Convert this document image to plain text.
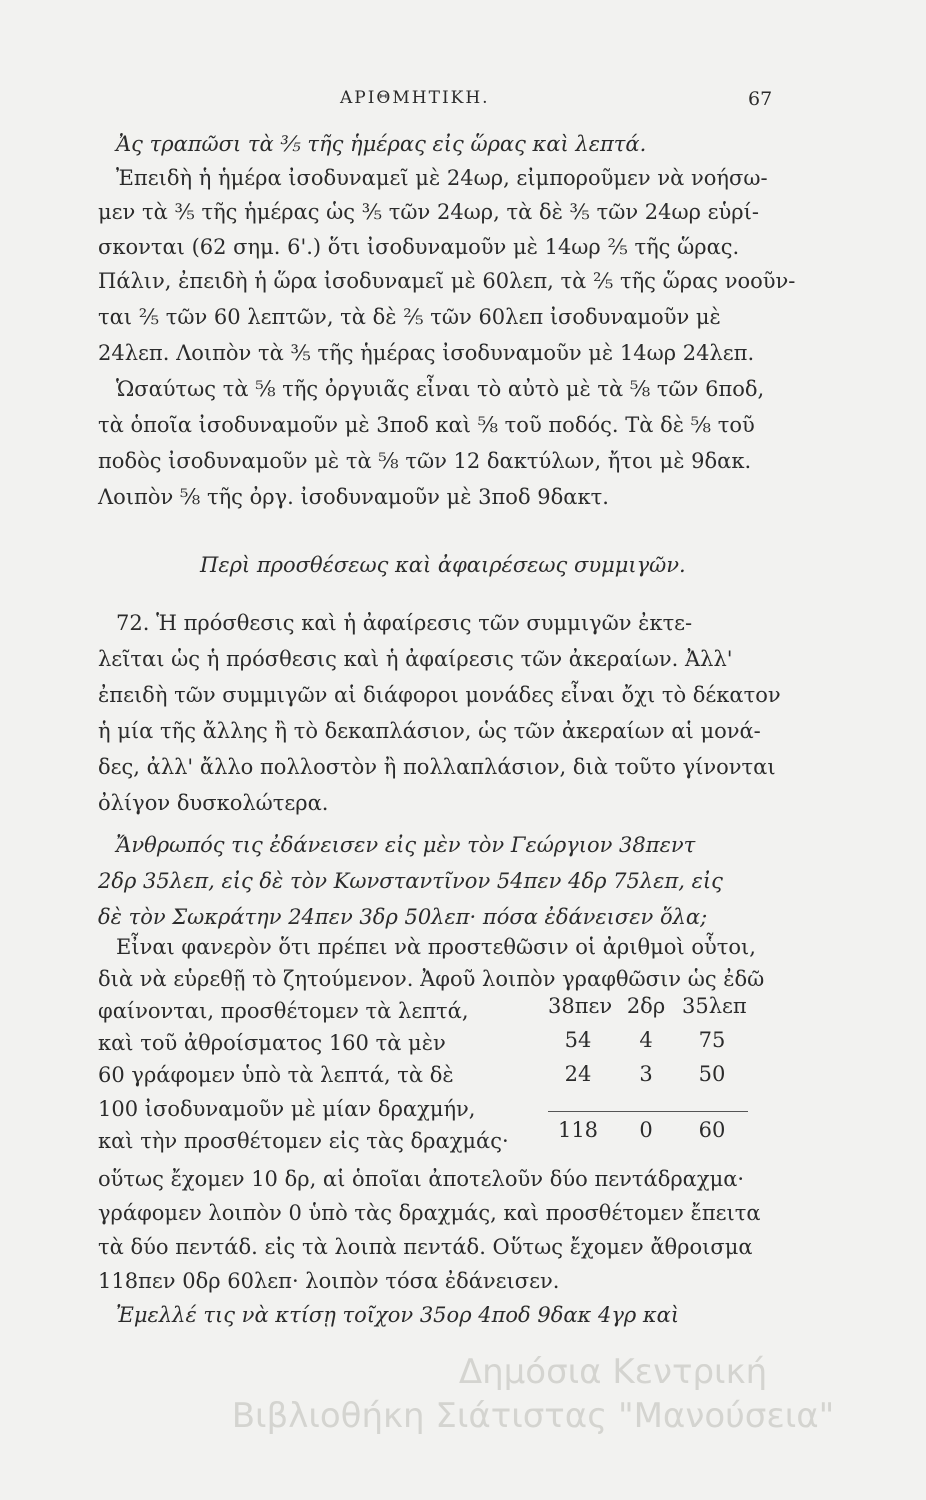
ΑΡΙΘΜΗΤΙΚΗ.	67
Ἀς τραπῶσι τὰ ⅗ τῆς ἡμέρας εἰς ὥρας καὶ λεπτά.
Ἐπειδὴ ἡ ἡμέρα ἰσοδυναμεῖ μὲ 24ωρ, εἰμποροῦμεν νὰ νοήσω-
μεν τὰ ⅗ τῆς ἡμέρας ὡς ⅗ τῶν 24ωρ, τὰ δὲ ⅗ τῶν 24ωρ εὑρί-
σκονται (62 σημ. 6'.) ὅτι ἰσοδυναμοῦν μὲ 14ωρ ⅖ τῆς ὥρας.
Πάλιν, ἐπειδὴ ἡ ὥρα ἰσοδυναμεῖ μὲ 60λεπ, τὰ ⅖ τῆς ὥρας νοοῦν-
ται ⅖ τῶν 60 λεπτῶν, τὰ δὲ ⅖ τῶν 60λεπ ἰσοδυναμοῦν μὲ
24λεπ. Λοιπὸν τὰ ⅗ τῆς ἡμέρας ἰσοδυναμοῦν μὲ 14ωρ 24λεπ.
Ὡσαύτως τὰ ⅝ τῆς ὀργυιᾶς εἶναι τὸ αὐτὸ μὲ τὰ ⅝ τῶν 6ποδ,
τὰ ὁποῖα ἰσοδυναμοῦν μὲ 3ποδ καὶ ⅝ τοῦ ποδός. Τὰ δὲ ⅝ τοῦ
ποδὸς ἰσοδυναμοῦν μὲ τὰ ⅝ τῶν 12 δακτύλων, ἤτοι μὲ 9δακ.
Λοιπὸν ⅝ τῆς ὀργ. ἰσοδυναμοῦν μὲ 3ποδ 9δακτ.
Περὶ προσθέσεως καὶ ἀφαιρέσεως συμμιγῶν.
72. Ἡ πρόσθεσις καὶ ἡ ἀφαίρεσις τῶν συμμιγῶν ἐκτε-
λεῖται ὡς ἡ πρόσθεσις καὶ ἡ ἀφαίρεσις τῶν ἀκεραίων. Ἀλλ'
ἐπειδὴ τῶν συμμιγῶν αἱ διάφοροι μονάδες εἶναι ὄχι τὸ δέκατον
ἡ μία τῆς ἄλλης ἢ τὸ δεκαπλάσιον, ὡς τῶν ἀκεραίων αἱ μονά-
δες, ἀλλ' ἄλλο πολλοστὸν ἢ πολλαπλάσιον, διὰ τοῦτο γίνονται
ὀλίγον δυσκολώτερα.
Ἄνθρωπός τις ἐδάνεισεν εἰς μὲν τὸν Γεώργιον 38πεντ
2δρ 35λεπ, εἰς δὲ τὸν Κωνσταντῖνον 54πεν 4δρ 75λεπ, εἰς
δὲ τὸν Σωκράτην 24πεν 3δρ 50λεπ· πόσα ἐδάνεισεν ὅλα;
Εἶναι φανερὸν ὅτι πρέπει νὰ προστεθῶσιν οἱ ἀριθμοὶ οὗτοι,
διὰ νὰ εὑρεθῇ τὸ ζητούμενον. Ἀφοῦ λοιπὸν γραφθῶσιν ὡς ἐδῶ
φαίνονται, προσθέτομεν τὰ λεπτά,
καὶ τοῦ ἀθροίσματος 160 τὰ μὲν
60 γράφομεν ὑπὸ τὰ λεπτά, τὰ δὲ
100 ἰσοδυναμοῦν μὲ μίαν δραχμήν,
καὶ τὴν προσθέτομεν εἰς τὰς δραχμάς·
38πεν 2δρ 35λεπ
54	4	75
24	3	50
118	0	60
οὕτως ἔχομεν 10 δρ, αἱ ὁποῖαι ἀποτελοῦν δύο πεντάδραχμα·
γράφομεν λοιπὸν 0 ὑπὸ τὰς δραχμάς, καὶ προσθέτομεν ἔπειτα
τὰ δύο πεντάδ. εἰς τὰ λοιπὰ πεντάδ. Οὕτως ἔχομεν ἄθροισμα
118πεν 0δρ 60λεπ· λοιπὸν τόσα ἐδάνεισεν.
Ἐμελλέ τις νὰ κτίσῃ τοῖχον 35ορ 4ποδ 9δακ 4γρ καὶ
Δημόσια Κεντρική
Βιβλιοθήκη Σιάτιστας "Μανούσεια"
